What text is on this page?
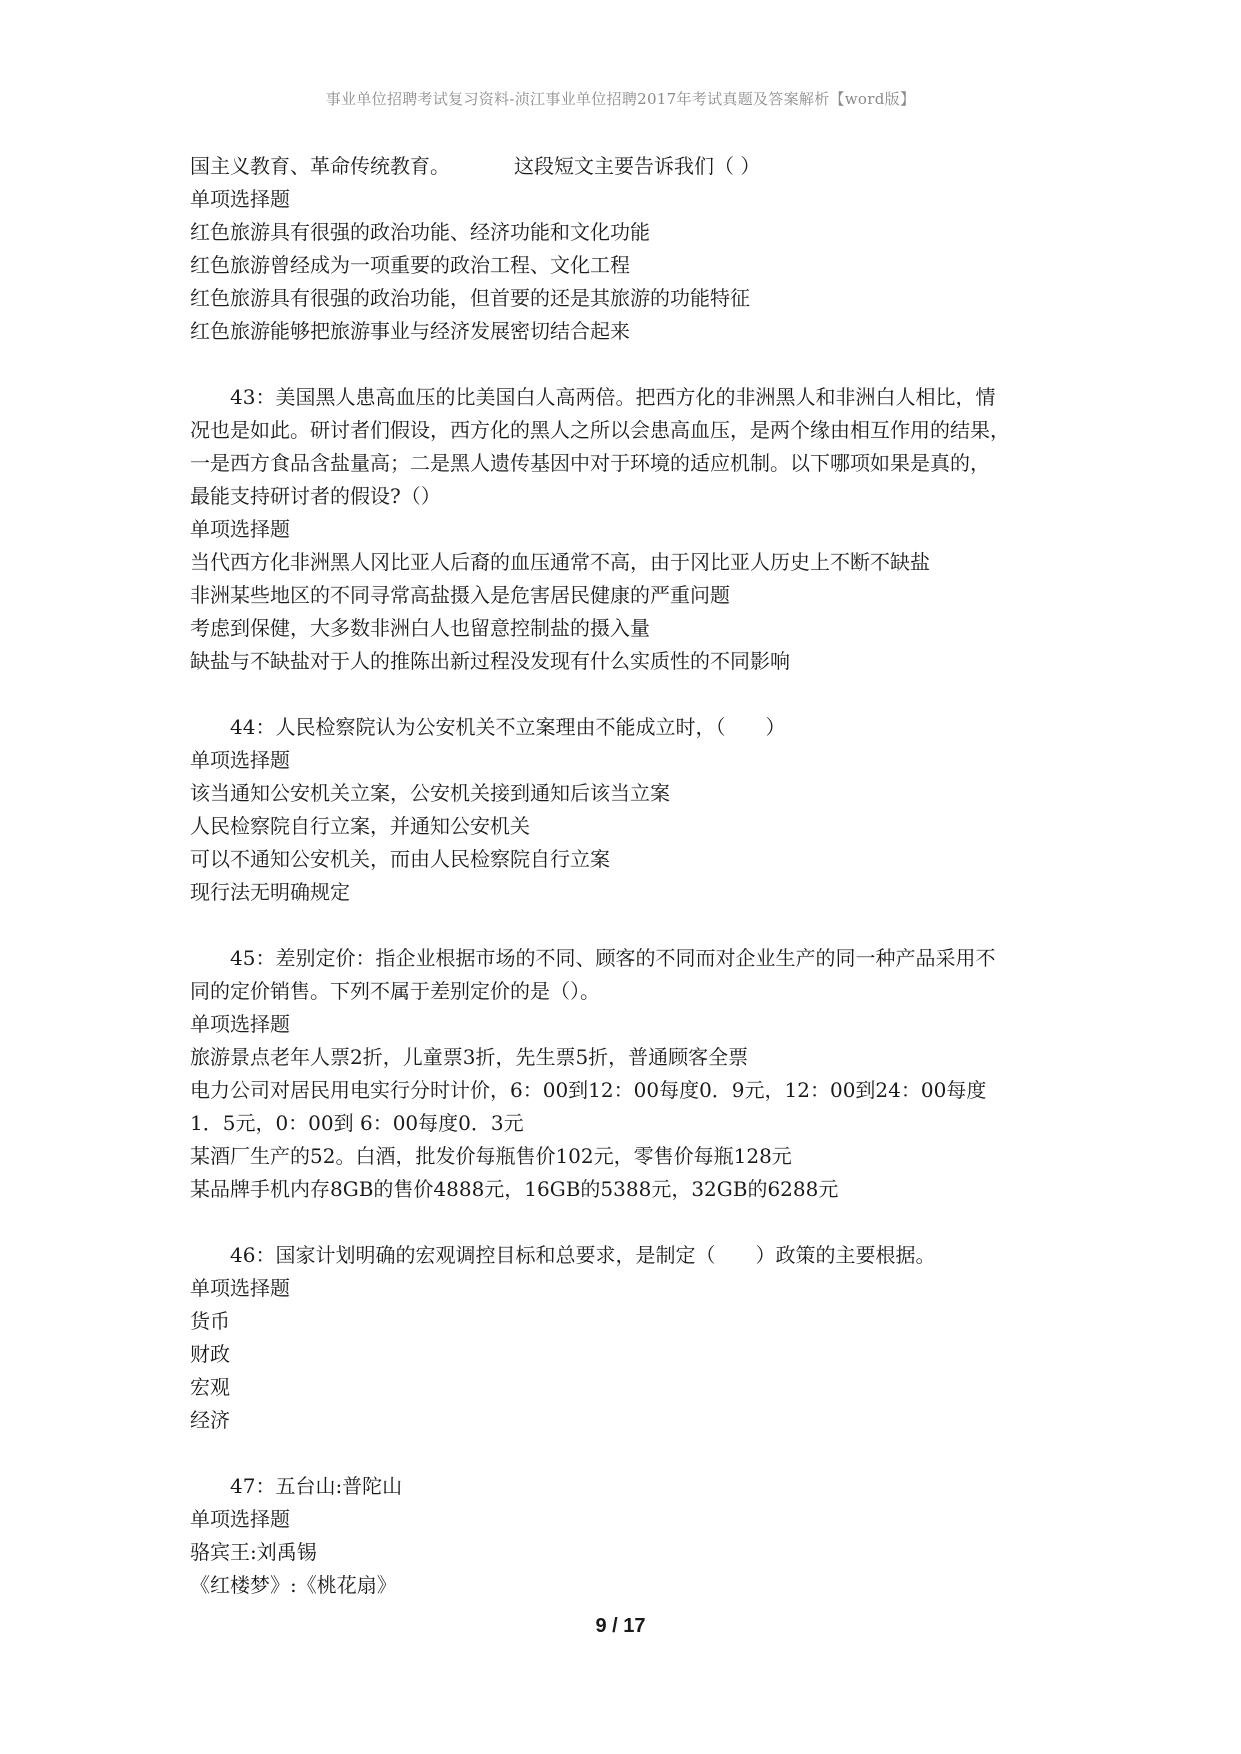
事业单位招聘考试复习资料-浈江事业单位招聘2017年考试真题及答案解析【word版】
国主义教育、革命传统教育。	这段短文主要告诉我们（ ）
单项选择题
红色旅游具有很强的政治功能、经济功能和文化功能
红色旅游曾经成为一项重要的政治工程、文化工程
红色旅游具有很强的政治功能，但首要的还是其旅游的功能特征
红色旅游能够把旅游事业与经济发展密切结合起来
43：美国黑人患高血压的比美国白人高两倍。把西方化的非洲黑人和非洲白人相比，情
况也是如此。研讨者们假设，西方化的黑人之所以会患高血压，是两个缘由相互作用的结果，
一是西方食品含盐量高；二是黑人遗传基因中对于环境的适应机制。以下哪项如果是真的，
最能支持研讨者的假设?（）
单项选择题
当代西方化非洲黑人冈比亚人后裔的血压通常不高，由于冈比亚人历史上不断不缺盐
非洲某些地区的不同寻常高盐摄入是危害居民健康的严重问题
考虑到保健，大多数非洲白人也留意控制盐的摄入量
缺盐与不缺盐对于人的推陈出新过程没发现有什么实质性的不同影响
44：人民检察院认为公安机关不立案理由不能成立时，（　　）
单项选择题
该当通知公安机关立案，公安机关接到通知后该当立案
人民检察院自行立案，并通知公安机关
可以不通知公安机关，而由人民检察院自行立案
现行法无明确规定
45：差别定价：指企业根据市场的不同、顾客的不同而对企业生产的同一种产品采用不
同的定价销售。下列不属于差别定价的是（）。
单项选择题
旅游景点老年人票2折，儿童票3折，先生票5折，普通顾客全票
电力公司对居民用电实行分时计价，6：00到12：00每度0．9元，12：00到24：00每度
1．5元，0：00到 6：00每度0．3元
某酒厂生产的52。白酒，批发价每瓶售价102元，零售价每瓶128元
某品牌手机内存8GB的售价4888元，16GB的5388元，32GB的6288元
46：国家计划明确的宏观调控目标和总要求，是制定（　　）政策的主要根据。
单项选择题
货币
财政
宏观
经济
47：五台山:普陀山
单项选择题
骆宾王:刘禹锡
《红楼梦》:《桃花扇》
9 / 17
